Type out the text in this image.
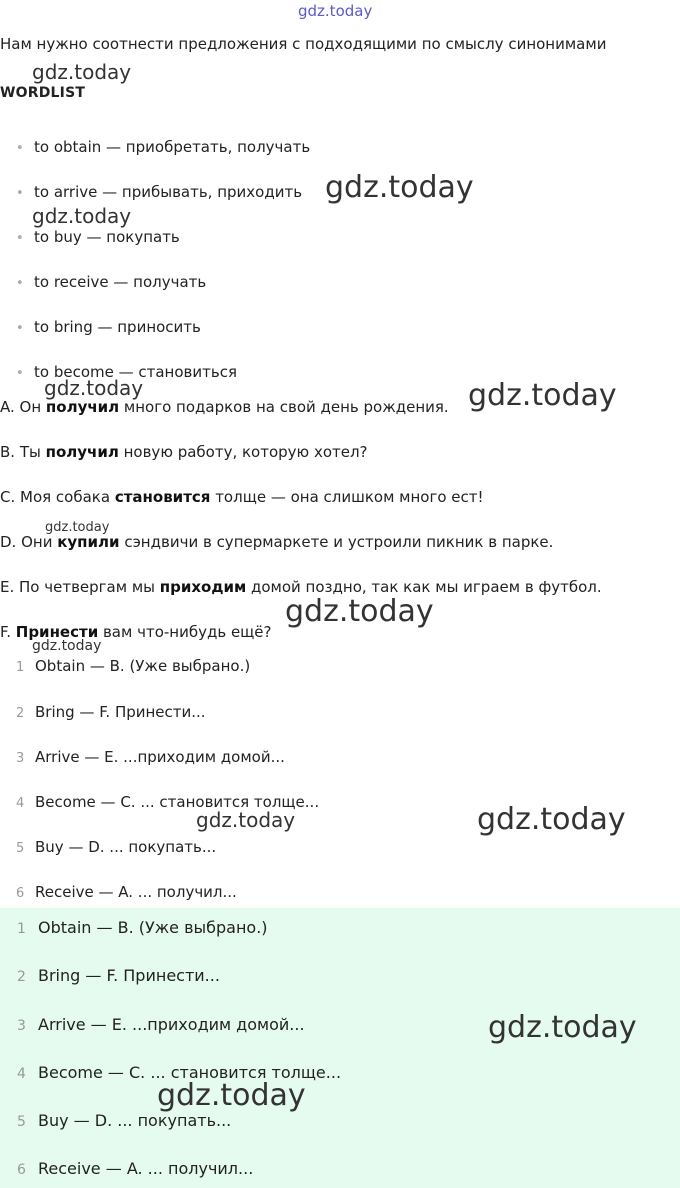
gdz.today
Нам нужно соотнести предложения с подходящими по смыслу синонимами
WORDLIST
• to obtain — приобретать, получать
• to arrive — прибывать, приходить
• to buy — покупать
• to receive — получать
• to bring — приносить
• to become — становиться
A. Он получил много подарков на свой день рождения.
B. Ты получил новую работу, которую хотел?
C. Моя собака становится толще — она слишком много ест!
D. Они купили сэндвичи в супермаркете и устроили пикник в парке.
E. По четвергам мы приходим домой поздно, так как мы играем в футбол.
F. Принести вам что-нибудь ещё?
1 Obtain — B. (Уже выбрано.)
2 Bring — F. Принести...
3 Arrive — E. ...приходим домой...
4 Become — C. ... становится толще...
5 Buy — D. ... покупать...
6 Receive — A. ... получил...
1 Obtain — B. (Уже выбрано.)
2 Bring — F. Принести...
3 Arrive — E. ...приходим домой...
4 Become — C. ... становится толще...
5 Buy — D. ... покупать...
6 Receive — A. ... получил...
gdz.today
gdz.today
gdz.today
gdz.today	gdz.today
gdz.today
gdz.today
gdz.today
gdz.today	gdz.today
gdz.today
gdz.today
